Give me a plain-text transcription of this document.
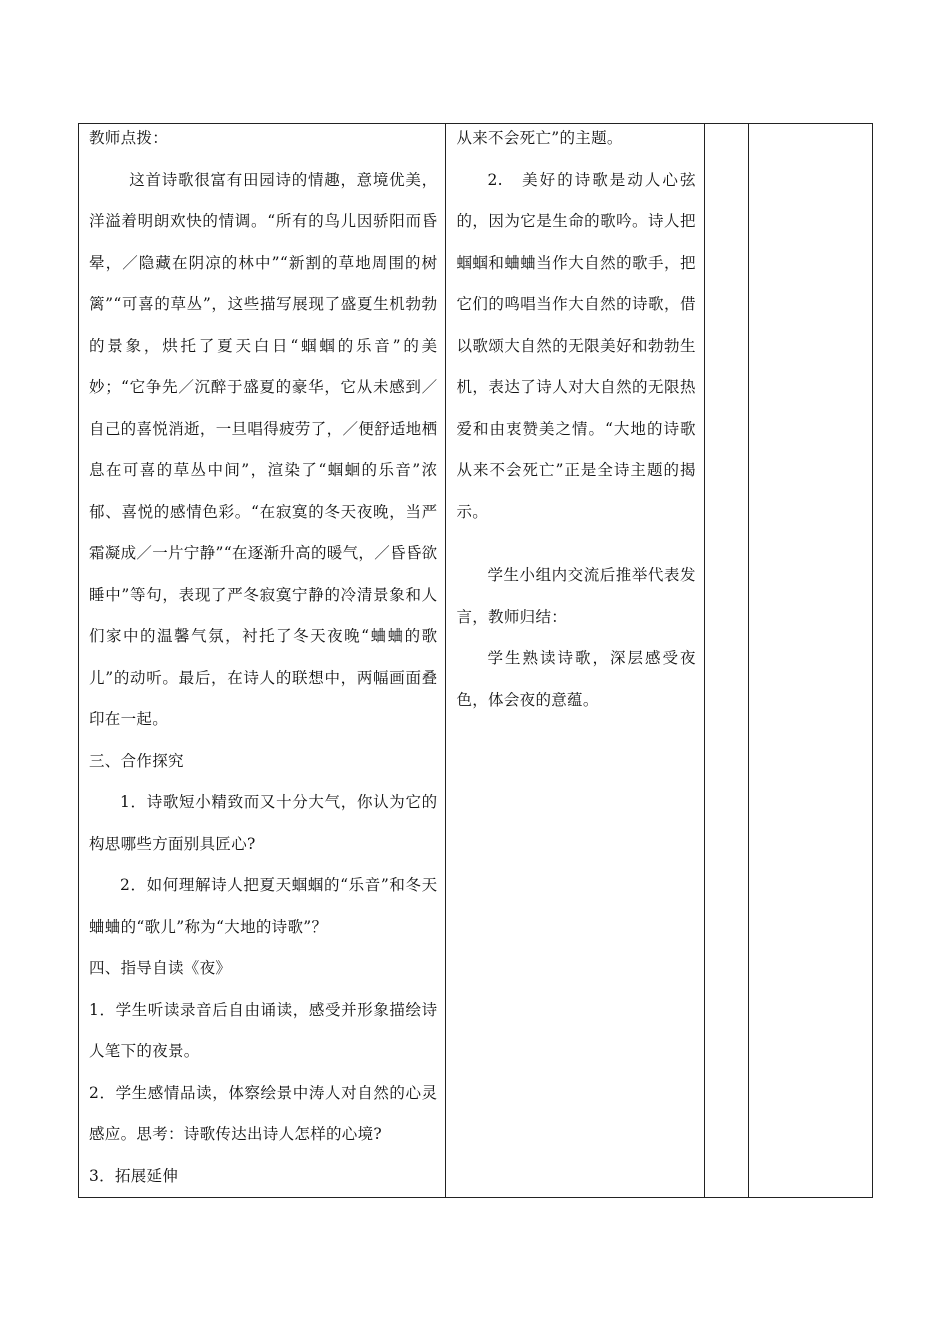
教师点拨：

这首诗歌很富有田园诗的情趣，意境优美，洋溢着明朗欢快的情调。“所有的鸟儿因骄阳而昏晕，／隐藏在阴凉的林中”“新割的草地周围的树篱”“可喜的草丛”，这些描写展现了盛夏生机勃勃的景象，烘托了夏天白日“蝈蝈的乐音”的美妙；“它争先／沉醉于盛夏的豪华，它从未感到／自己的喜悦消逝，一旦唱得疲劳了，／便舒适地栖息在可喜的草丛中间”，渲染了“蝈蛔的乐音”浓郁、喜悦的感情色彩。“在寂寞的冬天夜晚，当严霜凝成／一片宁静”“在逐渐升高的暖气，／昏昏欲睡中”等句，表现了严冬寂寞宁静的冷清景象和人们家中的温馨气氛，衬托了冬天夜晚“蛐蛐的歌儿”的动听。最后，在诗人的联想中，两幅画面叠印在一起。

三、合作探究

1．诗歌短小精致而又十分大气，你认为它的构思哪些方面别具匠心?

2．如何理解诗人把夏天蝈蝈的“乐音”和冬天蛐蛐的“歌儿”称为“大地的诗歌”？

四、指导自读《夜》

1．学生听读录音后自由诵读，感受并形象描绘诗人笔下的夜景。

2．学生感情品读，体察绘景中涛人对自然的心灵感应。思考：诗歌传达出诗人怎样的心境?

3．拓展延伸

从来不会死亡”的主题。

2.　美好的诗歌是动人心弦的，因为它是生命的歌吟。诗人把蝈蝈和蛐蛐当作大自然的歌手，把它们的鸣唱当作大自然的诗歌，借以歌颂大自然的无限美好和勃勃生机，表达了诗人对大自然的无限热爱和由衷赞美之情。“大地的诗歌从来不会死亡”正是全诗主题的揭示。

学生小组内交流后推举代表发言，教师归结：

学生熟读诗歌，深层感受夜色，体会夜的意蕴。
